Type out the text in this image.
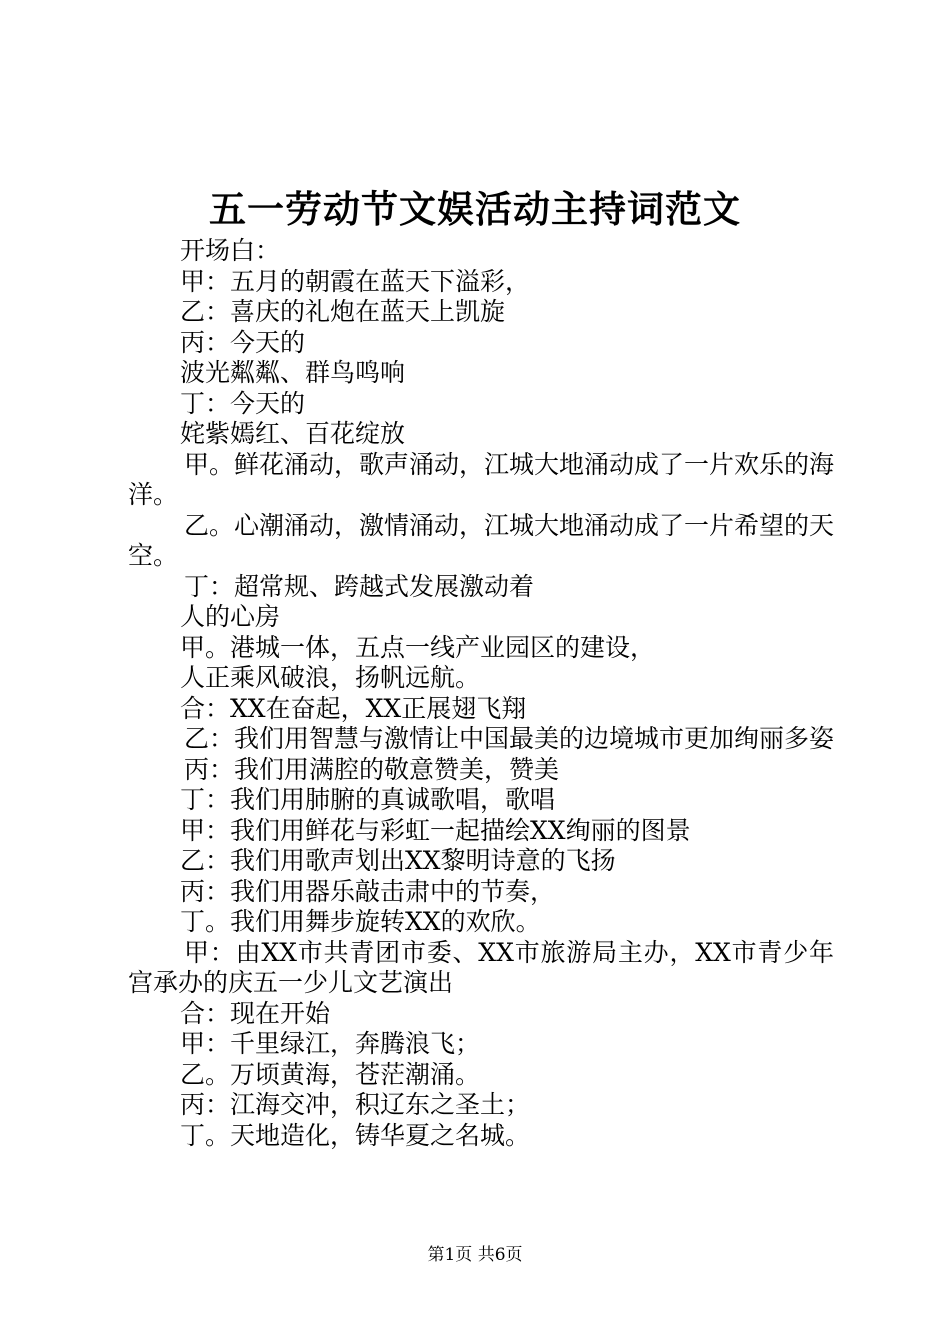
五一劳动节文娱活动主持词范文

开场白：

甲：五月的朝霞在蓝天下溢彩，

乙：喜庆的礼炮在蓝天上凯旋

丙：今天的

波光粼粼、群鸟鸣响

丁：今天的

姹紫嫣红、百花绽放

甲。鲜花涌动，歌声涌动，江城大地涌动成了一片欢乐的海洋。

乙。心潮涌动，激情涌动，江城大地涌动成了一片希望的天空。

丁：超常规、跨越式发展激动着

人的心房

甲。港城一体，五点一线产业园区的建设，

人正乘风破浪，扬帆远航。

合：XX在奋起，XX正展翅飞翔

乙：我们用智慧与激情让中国最美的边境城市更加绚丽多姿

丙：我们用满腔的敬意赞美，赞美

丁：我们用肺腑的真诚歌唱，歌唱

甲：我们用鲜花与彩虹一起描绘XX绚丽的图景

乙：我们用歌声划出XX黎明诗意的飞扬

丙：我们用器乐敲击肃中的节奏，

丁。我们用舞步旋转XX的欢欣。

甲：由XX市共青团市委、XX市旅游局主办，XX市青少年宫承办的庆五一少儿文艺演出

合：现在开始

甲：千里绿江，奔腾浪飞；

乙。万顷黄海，苍茫潮涌。

丙：江海交冲，积辽东之圣土；

丁。天地造化，铸华夏之名城。

第1页 共6页
